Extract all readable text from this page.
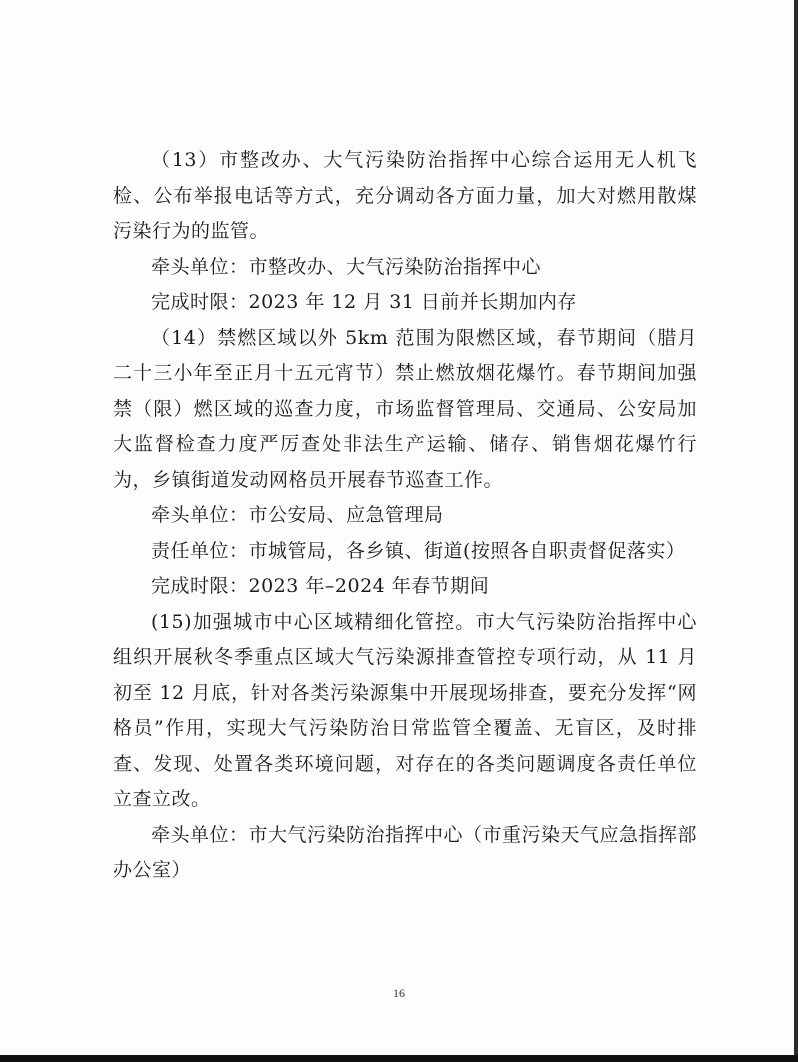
（13）市整改办、大气污染防治指挥中心综合运用无人机飞检、公布举报电话等方式，充分调动各方面力量，加大对燃用散煤污染行为的监管。

牵头单位：市整改办、大气污染防治指挥中心

完成时限：2023 年 12 月 31 日前并长期加内存

（14）禁燃区域以外 5km 范围为限燃区域，春节期间（腊月二十三小年至正月十五元宵节）禁止燃放烟花爆竹。春节期间加强禁（限）燃区域的巡查力度，市场监督管理局、交通局、公安局加大监督检查力度严厉查处非法生产运输、储存、销售烟花爆竹行为，乡镇街道发动网格员开展春节巡查工作。

牵头单位：市公安局、应急管理局

责任单位：市城管局，各乡镇、街道(按照各自职责督促落实）

完成时限：2023 年–2024 年春节期间

(15)加强城市中心区域精细化管控。市大气污染防治指挥中心组织开展秋冬季重点区域大气污染源排查管控专项行动，从 11 月初至 12 月底，针对各类污染源集中开展现场排查，要充分发挥“网格员”作用，实现大气污染防治日常监管全覆盖、无盲区，及时排查、发现、处置各类环境问题，对存在的各类问题调度各责任单位立查立改。

牵头单位：市大气污染防治指挥中心（市重污染天气应急指挥部办公室）

16
